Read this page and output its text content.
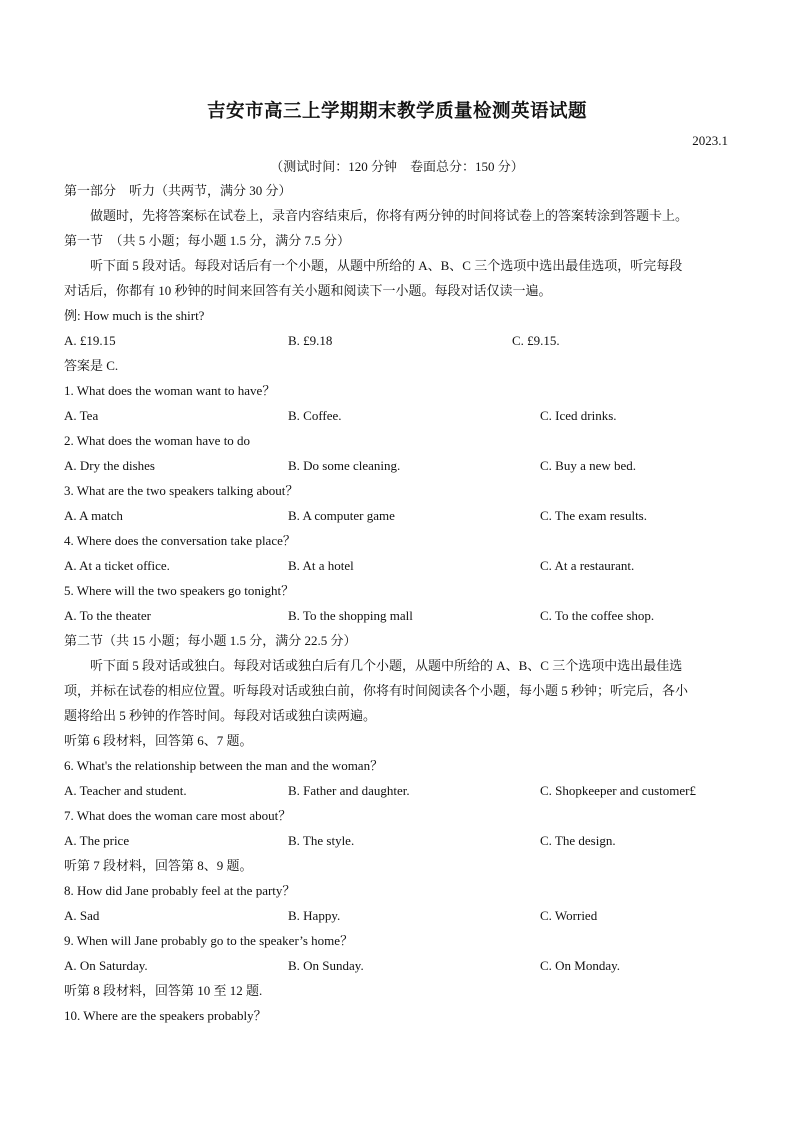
吉安市高三上学期期末教学质量检测英语试题
2023.1
（测试时间：120 分钟　卷面总分：150 分）
第一部分　听力（共两节，满分 30 分）
做题时，先将答案标在试卷上，录音内容结束后，你将有两分钟的时间将试卷上的答案转涂到答题卡上。
第一节　（共 5 小题；每小题 1.5 分，满分 7.5 分）
听下面 5 段对话。每段对话后有一个小题，从题中所给的 A、B、C 三个选项中选出最佳选项，听完每段
对话后，你都有 10 秒钟的时间来回答有关小题和阅读下一小题。每段对话仅读一遍。
例: How much is the shirt?
A. £19.15	B. £9.18	C. £9.15.
答案是 C.
1. What does the woman want to have？
A. Tea	B. Coffee.	C. Iced drinks.
2. What does the woman have to do
A. Dry the dishes	B. Do some cleaning.	C. Buy a new bed.
3. What are the two speakers talking about？
A. A match	B. A computer game	C. The exam results.
4. Where does the conversation take place？
A. At a ticket office.	B. At a hotel	C. At a restaurant.
5. Where will the two speakers go tonight？
A. To the theater	B. To the shopping mall	C. To the coffee shop.
第二节（共 15 小题；每小题 1.5 分，满分 22.5 分）
听下面 5 段对话或独白。每段对话或独白后有几个小题，从题中所给的 A、B、C 三个选项中选出最佳选
项，并标在试卷的相应位置。听每段对话或独白前，你将有时间阅读各个小题，每小题 5 秒钟；听完后，各小
题将给出 5 秒钟的作答时间。每段对话或独白读两遍。
听第 6 段材料，回答第 6、7 题。
6. What's the relationship between the man and the woman？
A. Teacher and student.	B. Father and daughter.	C. Shopkeeper and customer£
7. What does the woman care most about？
A. The price	B. The style.	C. The design.
听第 7 段材料，回答第 8、9 题。
8. How did Jane probably feel at the party？
A. Sad	B. Happy.	C. Worried
9. When will Jane probably go to the speaker’s home？
A. On Saturday.	B. On Sunday.	C. On Monday.
听第 8 段材料，回答第 10 至 12 题.
10. Where are the speakers probably？
